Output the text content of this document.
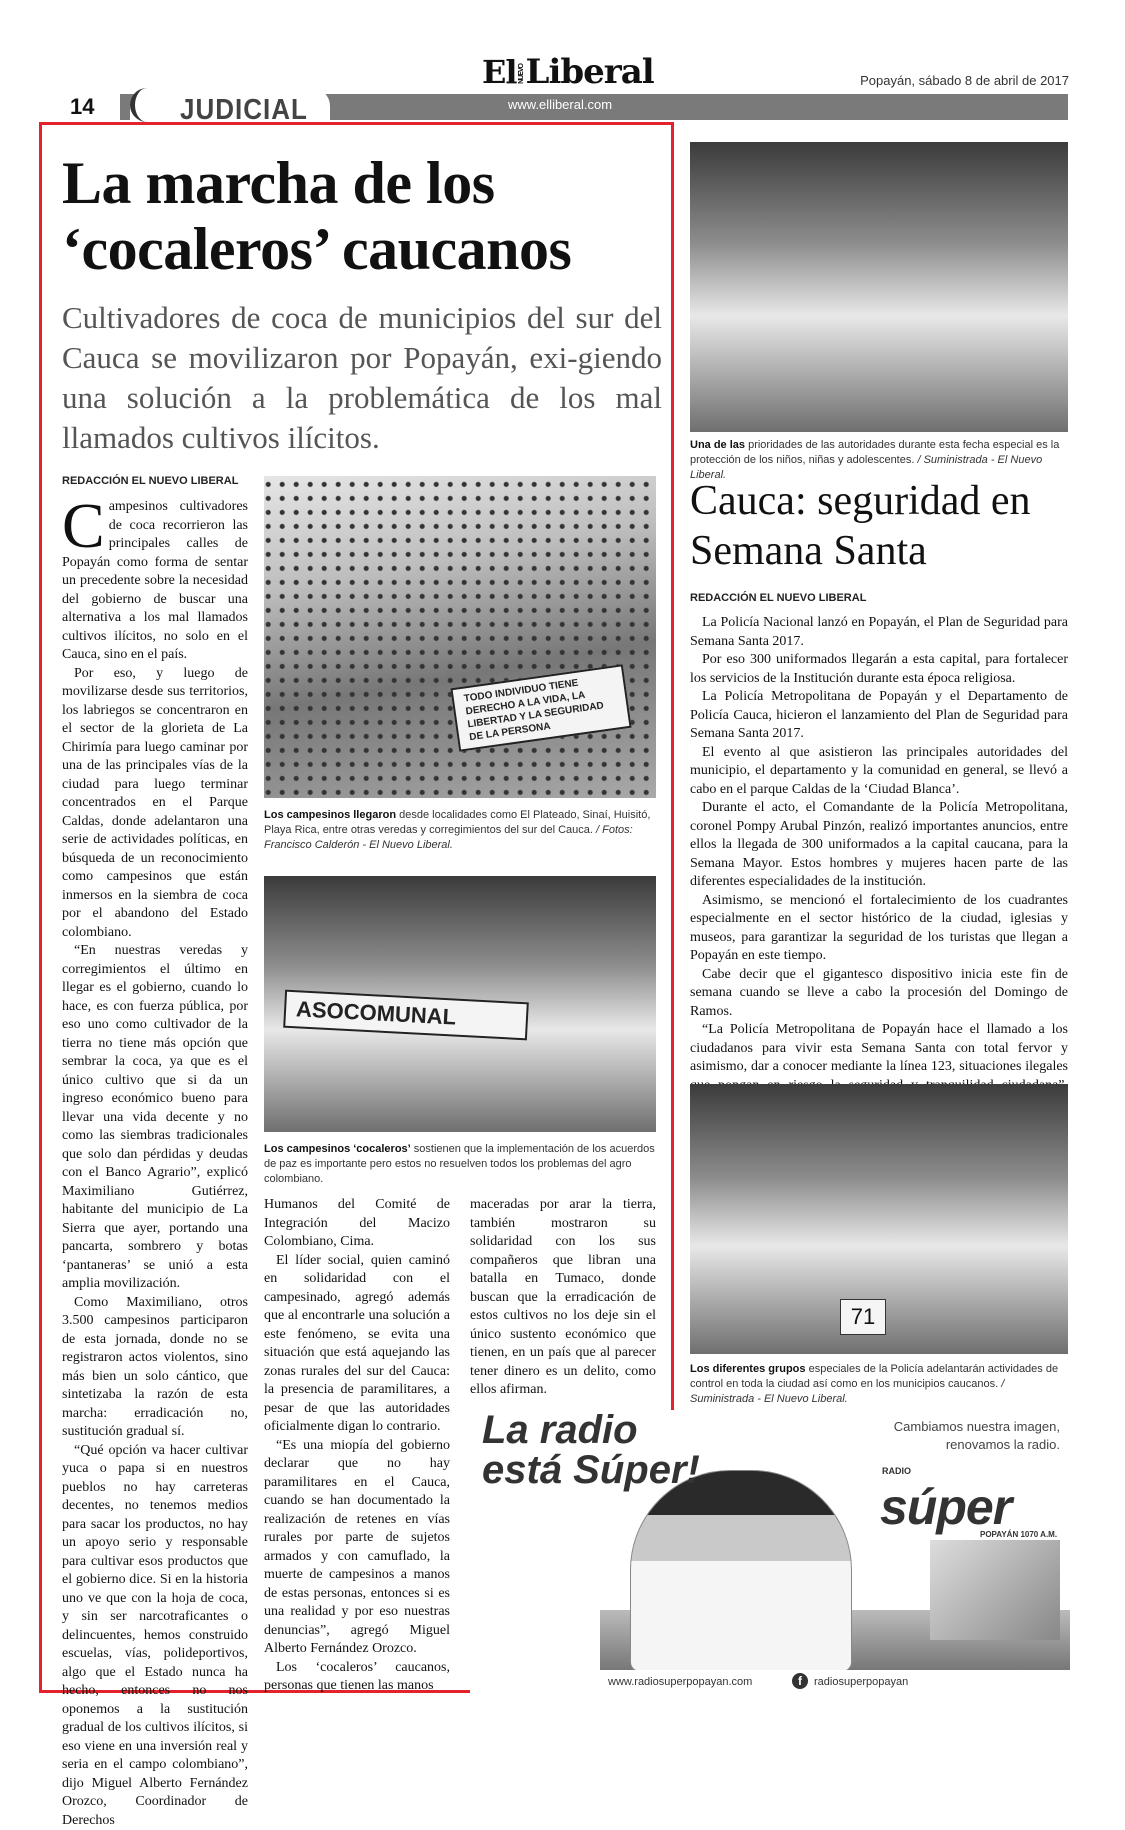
ElNUEVOLiberal	Popayán, sábado 8 de abril de 2017
14	JUDICIAL	www.elliberal.com
La marcha de los ‘cocaleros’ caucanos
Cultivadores de coca de municipios del sur del Cauca se movilizaron por Popayán, exi-giendo una solución a la problemática de los mal llamados cultivos ilícitos.
REDACCIÓN EL NUEVO LIBERAL
C ampesinos cultivadores de coca recorrieron las principales calles de Popayán como forma de sentar un precedente sobre la necesidad del gobierno de buscar una alternativa a los mal llamados cultivos ilícitos, no solo en el Cauca, sino en el país.

Por eso, y luego de movilizarse desde sus territorios, los labriegos se concentraron en el sector de la glorieta de La Chirimía para luego caminar por una de las principales vías de la ciudad para luego terminar concentrados en el Parque Caldas, donde adelantaron una serie de actividades políticas, en búsqueda de un reconocimiento como campesinos que están inmersos en la siembra de coca por el abandono del Estado colombiano.

“En nuestras veredas y corregimientos el último en llegar es el gobierno, cuando lo hace, es con fuerza pública, por eso uno como cultivador de la tierra no tiene más opción que sembrar la coca, ya que es el único cultivo que si da un ingreso económico bueno para llevar una vida decente y no como las siembras tradicionales que solo dan pérdidas y deudas con el Banco Agrario”, explicó Maximiliano Gutiérrez, habitante del municipio de La Sierra que ayer, portando una pancarta, sombrero y botas ‘pantaneras’ se unió a esta amplia movilización.

Como Maximiliano, otros 3.500 campesinos participaron de esta jornada, donde no se registraron actos violentos, sino más bien un solo cántico, que sintetizaba la razón de esta marcha: erradicación no, sustitución gradual sí.

“Qué opción va hacer cultivar yuca o papa si en nuestros pueblos no hay carreteras decentes, no tenemos medios para sacar los productos, no hay un apoyo serio y responsable para cultivar esos productos que el gobierno dice. Si en la historia uno ve que con la hoja de coca, y sin ser narcotraficantes o delincuentes, hemos construido escuelas, vías, polideportivos, algo que el Estado nunca ha hecho, entonces no nos oponemos a la sustitución gradual de los cultivos ilícitos, si eso viene en una inversión real y seria en el campo colombiano”, dijo Miguel Alberto Fernández Orozco, Coordinador de Derechos

TODO INDIVIDUO TIENE DERECHO A LA VIDA, LA LIBERTAD Y LA SEGURIDAD DE LA PERSONA
Los campesinos llegaron desde localidades como El Plateado, Sinaí, Huisitó, Playa Rica, entre otras veredas y corregimientos del sur del Cauca. / Fotos: Francisco Calderón - El Nuevo Liberal.
ASOCOMUNAL
Los campesinos ‘cocaleros’ sostienen que la implementación de los acuerdos de paz es importante pero estos no resuelven todos los problemas del agro colombiano.

Humanos del Comité de Integración del Macizo Colombiano, Cima.

El líder social, quien caminó en solidaridad con el campesinado, agregó además que al encontrarle una solución a este fenómeno, se evita una situación que está aquejando las zonas rurales del sur del Cauca: la presencia de paramilitares, a pesar de que las autoridades oficialmente digan lo contrario.

“Es una miopía del gobierno declarar que no hay paramilitares en el Cauca, cuando se han documentado la realización de retenes en vías rurales por parte de sujetos armados y con camuflado, la muerte de campesinos a manos de estas personas, entonces si es una realidad y por eso nuestras denuncias”, agregó Miguel Alberto Fernández Orozco.

Los ‘cocaleros’ caucanos, personas que tienen las manos

maceradas por arar la tierra, también mostraron su solidaridad con los sus compañeros que libran una batalla en Tumaco, donde buscan que la erradicación de estos cultivos no los deje sin el único sustento económico que tienen, en un país que al parecer tener dinero es un delito, como ellos afirman.

Una de las prioridades de las autoridades durante esta fecha especial es la protección de los niños, niñas y adolescentes. / Suministrada - El Nuevo Liberal.
Cauca: seguridad en Semana Santa
REDACCIÓN EL NUEVO LIBERAL

La Policía Nacional lanzó en Popayán, el Plan de Seguridad para Semana Santa 2017.

Por eso 300 uniformados llegarán a esta capital, para fortalecer los servicios de la Institución durante esta época religiosa.

La Policía Metropolitana de Popayán y el Departamento de Policía Cauca, hicieron el lanzamiento del Plan de Seguridad para Semana Santa 2017.

El evento al que asistieron las principales autoridades del municipio, el departamento y la comunidad en general, se llevó a cabo en el parque Caldas de la ‘Ciudad Blanca’.

Durante el acto, el Comandante de la Policía Metropolitana, coronel Pompy Arubal Pinzón, realizó importantes anuncios, entre ellos la llegada de 300 uniformados a la capital caucana, para la Semana Mayor. Estos hombres y mujeres hacen parte de las diferentes especialidades de la institución.

Asimismo, se mencionó el fortalecimiento de los cuadrantes especialmente en el sector histórico de la ciudad, iglesias y museos, para garantizar la seguridad de los turistas que llegan a Popayán en este tiempo.

Cabe decir que el gigantesco dispositivo inicia este fin de semana cuando se lleve a cabo la procesión del Domingo de Ramos.

“La Policía Metropolitana de Popayán hace el llamado a los ciudadanos para vivir esta Semana Santa con total fervor y asimismo, dar a conocer mediante la línea 123, situaciones ilegales

71
Los diferentes grupos especiales de la Policía adelantarán actividades de control en toda la ciudad así como en los municipios caucanos. / Suministrada - El Nuevo Liberal.
La radio
está Súper!
Cambiamos nuestra imagen,
renovamos la radio.
RADIO
súper
POPAYÁN 1070 A.M.
www.radiosuperpopayan.com	f	radiosuperpopayan
